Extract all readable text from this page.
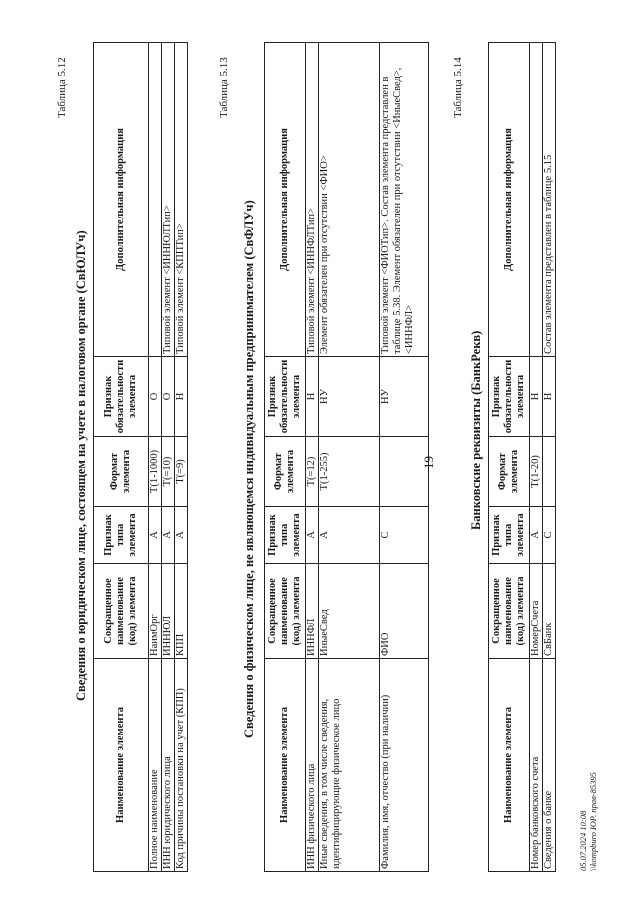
19
Таблица 5.12
Сведения о юридическом лице, состоящем на учете в налоговом органе (СвЮЛУч)
Наименование элемента	Сокращенное наименование (код) элемента	Признак типа элемента	Формат элемента	Признак обязательности элемента	Дополнительная информация
Полное наименование	НаимОрг	А	T(1-1000)	О	
ИНН юридического лица	ИННЮЛ	А	T(=10)	О	Типовой элемент <ИННЮЛТип>
Код причины постановки на учет (КПП)	КПП	А	T(=9)	Н	Типовой элемент <КППТип>
Таблица 5.13
Сведения о физическом лице, не являющемся индивидуальным предпринимателем (СвФЛУч)
Наименование элемента	Сокращенное наименование (код) элемента	Признак типа элемента	Формат элемента	Признак обязательности элемента	Дополнительная информация
ИНН физического лица	ИННФЛ	А	T(=12)	Н	Типовой элемент <ИННФЛТип>
Иные сведения, в том числе сведения, идентифицирующие физическое лицо	ИныеСвед	А	T(1-255)	НУ	Элемент обязателен при отсутствии <ФИО>
Фамилия, имя, отчество (при наличии)	ФИО	С		НУ	Типовой элемент <ФИОТип>. Состав элемента представлен в таблице 5.38. Элемент обязателен при отсутствии <ИныеСвед>, <ИННФЛ>
Таблица 5.14
Банковские реквизиты (БанкРекв)
Наименование элемента	Сокращенное наименование (код) элемента	Признак типа элемента	Формат элемента	Признак обязательности элемента	Дополнительная информация
Номер банковского счета	НомерСчета	А	T(1-20)	Н	
Сведения о банке	СвБанк	С		Н	Состав элемента представлен в таблице 5.15
05.07.2024 10:08 \\kompburo ЮР. прав-85395
